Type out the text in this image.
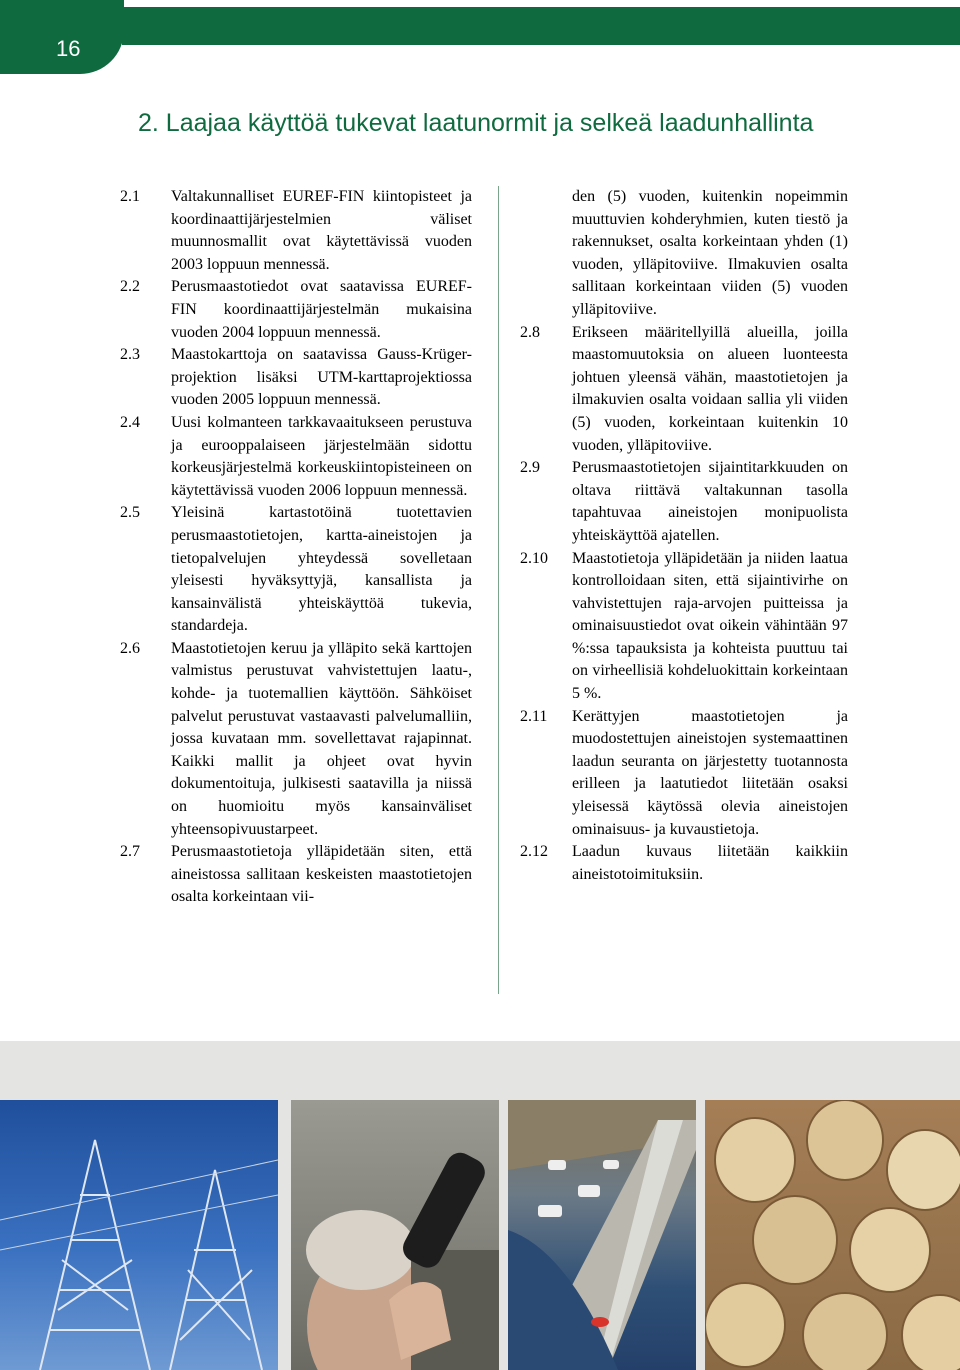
16
2. Laajaa käyttöä tukevat laatunormit ja selkeä laadunhallinta
2.1 Valtakunnalliset EUREF-FIN kiintopisteet ja koordinaattijärjestelmien väliset muunnosmallit ovat käytettävissä vuoden 2003 loppuun mennessä.
2.2 Perusmaastotiedot ovat saatavissa EUREF-FIN koordinaattijärjestelmän mukaisina vuoden 2004 loppuun mennessä.
2.3 Maastokarttoja on saatavissa Gauss-Krüger-projektion lisäksi UTM-karttaprojektiossa vuoden 2005 loppuun mennessä.
2.4 Uusi kolmanteen tarkkavaaitukseen perustuva ja eurooppalaiseen järjestelmään sidottu korkeusjärjestelmä korkeuskiintopisteineen on käytettävissä vuoden 2006 loppuun mennessä.
2.5 Yleisinä kartastotöinä tuotettavien perusmaastotietojen, kartta-aineistojen ja tietopalvelujen yhteydessä sovelletaan yleisesti hyväksyttyjä, kansallista ja kansainvälistä yhteiskäyttöä tukevia, standardeja.
2.6 Maastotietojen keruu ja ylläpito sekä karttojen valmistus perustuvat vahvistettujen laatu-, kohde- ja tuotemallien käyttöön. Sähköiset palvelut perustuvat vastaavasti palvelumalliin, jossa kuvataan mm. sovellettavat rajapinnat. Kaikki mallit ja ohjeet ovat hyvin dokumentoituja, julkisesti saatavilla ja niissä on huomioitu myös kansainväliset yhteensopivuustarpeet.
2.7 Perusmaastotietoja ylläpidetään siten, että aineistossa sallitaan keskeisten maastotietojen osalta korkeintaan vii-
den (5) vuoden, kuitenkin nopeimmin muuttuvien kohderyhmien, kuten tiestö ja rakennukset, osalta korkeintaan yhden (1) vuoden, ylläpitoviive. Ilmakuvien osalta sallitaan korkeintaan viiden (5) vuoden ylläpitoviive.
2.8 Erikseen määritellyillä alueilla, joilla maastomuutoksia on alueen luonteesta johtuen yleensä vähän, maastotietojen ja ilmakuvien osalta voidaan sallia yli viiden (5) vuoden, korkeintaan kuitenkin 10 vuoden, ylläpitoviive.
2.9 Perusmaastotietojen sijaintitarkkuuden on oltava riittävä valtakunnan tasolla tapahtuvaa aineistojen monipuolista yhteiskäyttöä ajatellen.
2.10 Maastotietoja ylläpidetään ja niiden laatua kontrolloidaan siten, että sijaintivirhe on vahvistettujen raja-arvojen puitteissa ja ominaisuustiedot ovat oikein vähintään 97 %:ssa tapauksista ja kohteista puuttuu tai on virheellisiä kohdeluokittain korkeintaan 5 %.
2.11 Kerättyjen maastotietojen ja muodostettujen aineistojen systemaattinen laadun seuranta on järjestetty tuotannosta erilleen ja laatutiedot liitetään osaksi yleisessä käytössä olevia aineistojen ominaisuus- ja kuvaustietoja.
2.12 Laadun kuvaus liitetään kaikkiin aineistotoimituksiin.
